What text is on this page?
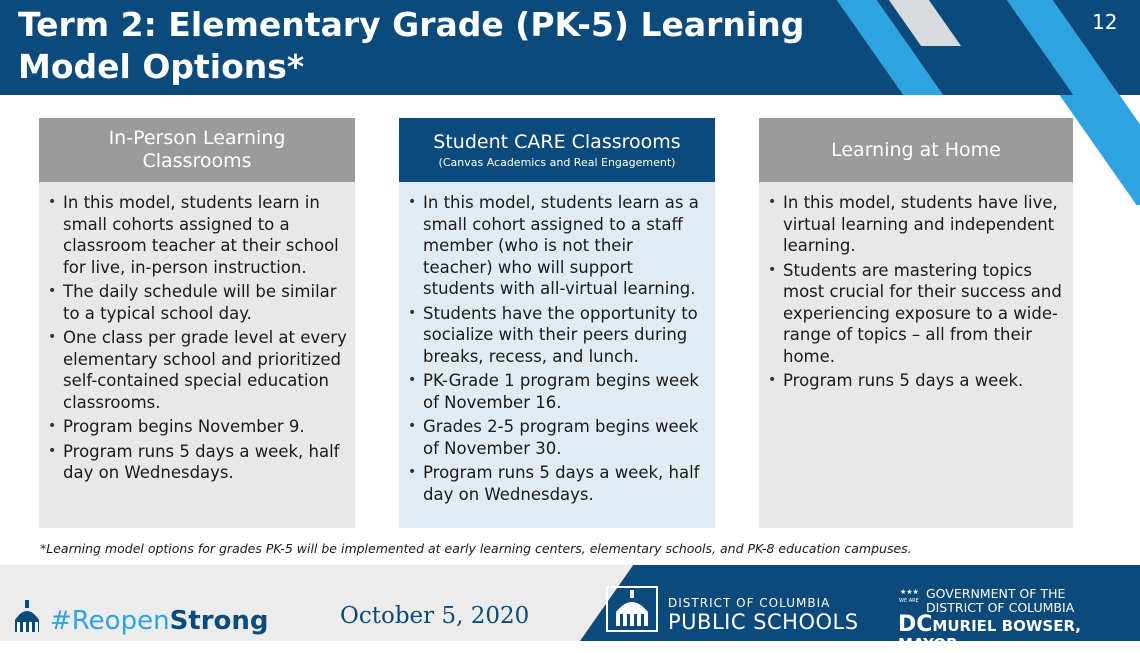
Term 2: Elementary Grade (PK-5) Learning Model Options*
12
In-Person Learning Classrooms
• In this model, students learn in small cohorts assigned to a classroom teacher at their school for live, in-person instruction.
• The daily schedule will be similar to a typical school day.
• One class per grade level at every elementary school and prioritized self-contained special education classrooms.
• Program begins November 9.
• Program runs 5 days a week, half day on Wednesdays.
Student CARE Classrooms
(Canvas Academics and Real Engagement)
• In this model, students learn as a small cohort assigned to a staff member (who is not their teacher) who will support students with all-virtual learning.
• Students have the opportunity to socialize with their peers during breaks, recess, and lunch.
• PK-Grade 1 program begins week of November 16.
• Grades 2-5 program begins week of November 30.
• Program runs 5 days a week, half day on Wednesdays.
Learning at Home
• In this model, students have live, virtual learning and independent learning.
• Students are mastering topics most crucial for their success and experiencing exposure to a wide-range of topics – all from their home.
• Program runs 5 days a week.
*Learning model options for grades PK-5 will be implemented at early learning centers, elementary schools, and PK-8 education campuses.
#ReopenStrong	October 5, 2020	DISTRICT OF COLUMBIA
PUBLIC SCHOOLS
★★★
WE ARE GOVERNMENT OF THE
DISTRICT OF COLUMBIA
DCMURIEL BOWSER, MAYOR
